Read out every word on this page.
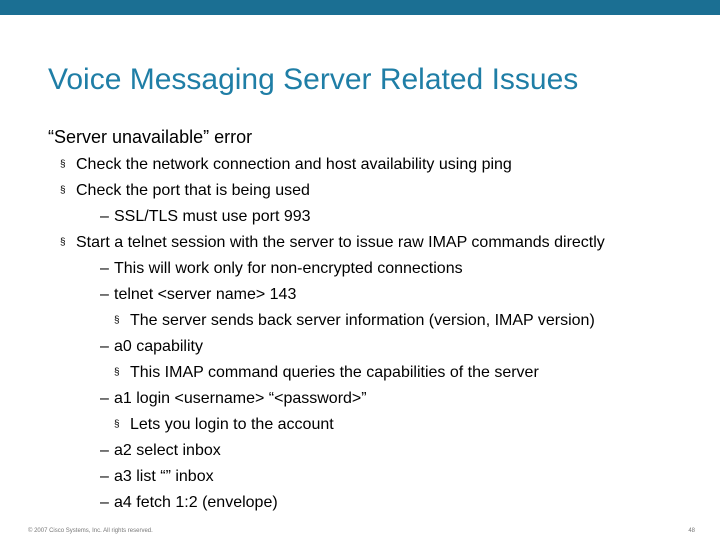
Voice Messaging Server Related Issues
“Server unavailable” error
§ Check the network connection and host availability using ping
§ Check the port that is being used
– SSL/TLS must use port 993
§ Start a telnet session with the server to issue raw IMAP commands directly
– This will work only for non-encrypted connections
– telnet <server name> 143
§ The server sends back server information (version, IMAP version)
– a0 capability
§ This IMAP command queries the capabilities of the server
– a1 login <username> “<password>”
§ Lets you login to the account
– a2 select inbox
– a3 list “” inbox
– a4 fetch 1:2 (envelope)
© 2007 Cisco Systems, Inc. All rights reserved.	48
